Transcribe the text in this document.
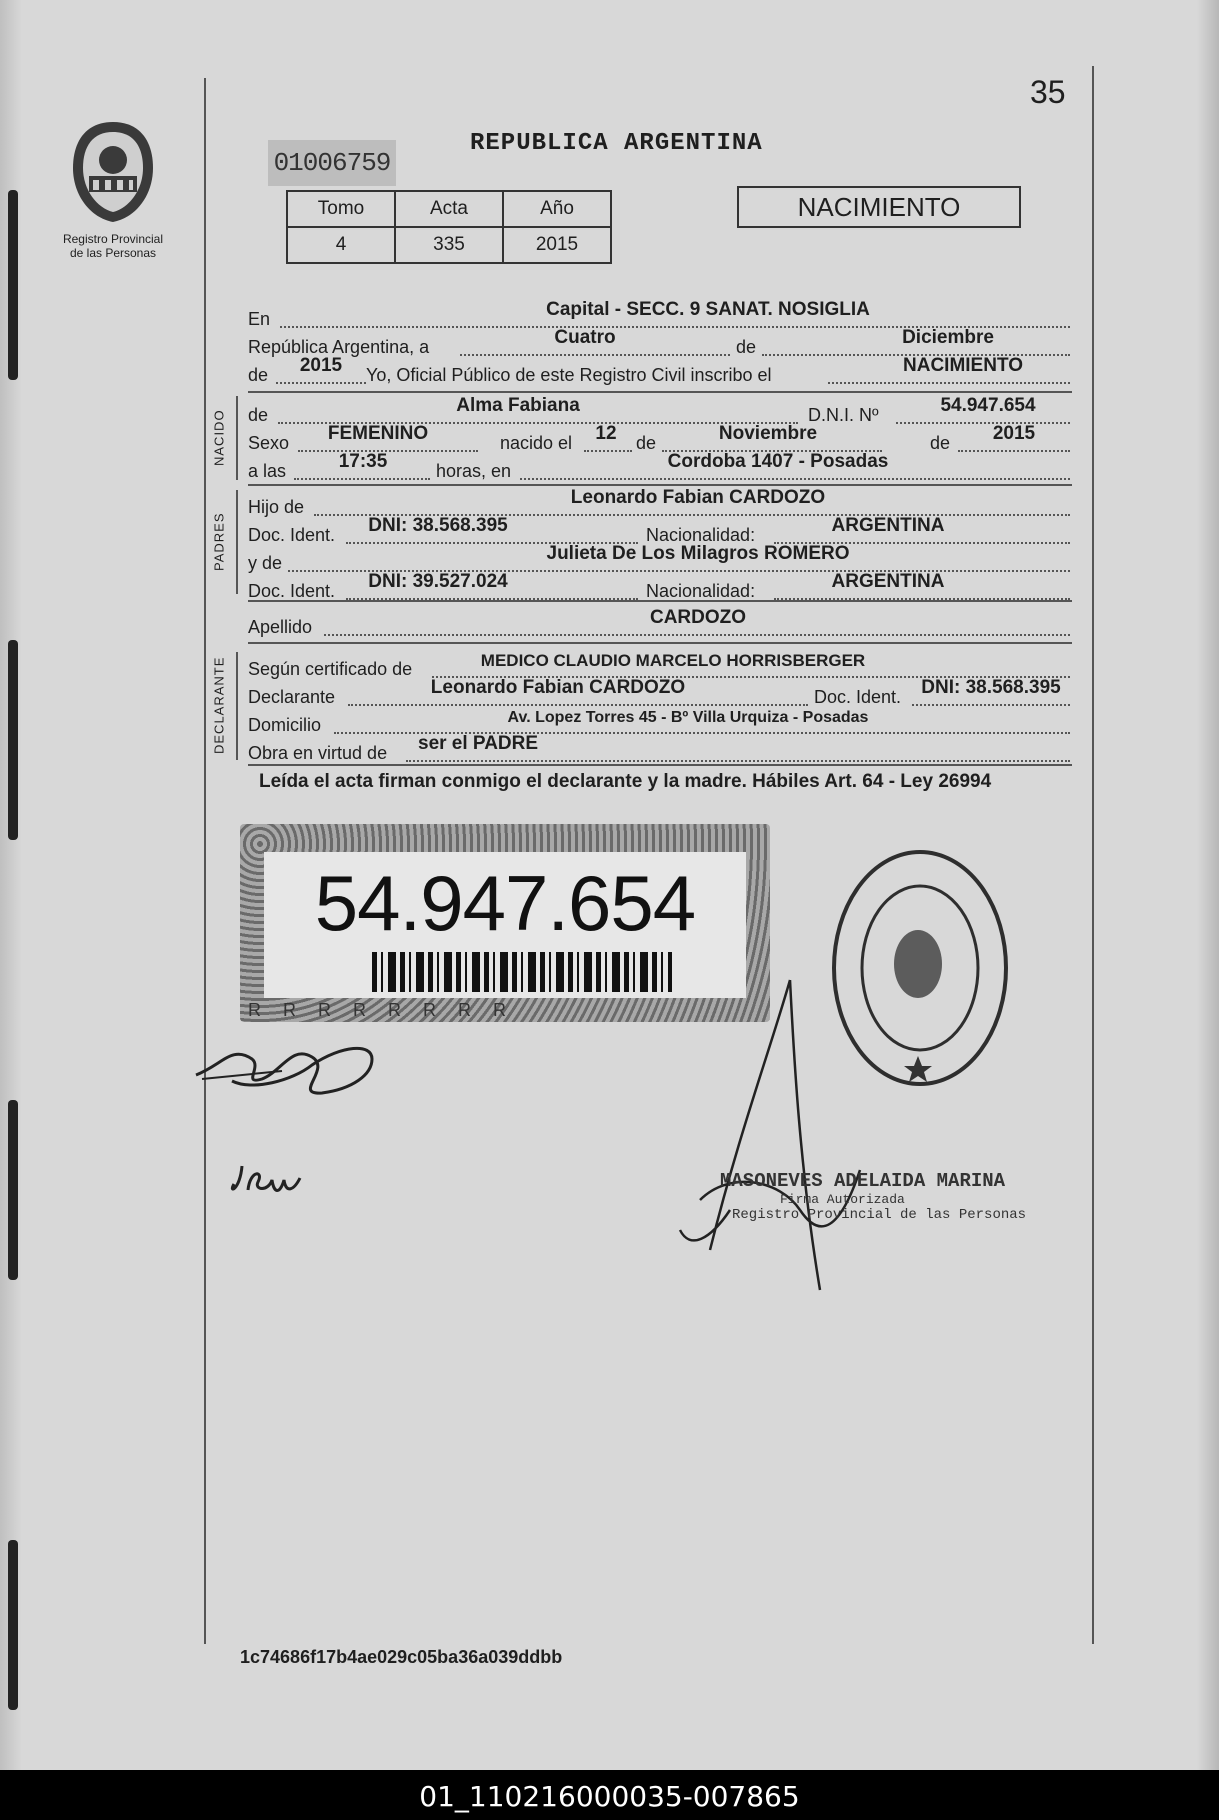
35
Registro Provincial
de las Personas
01006759
REPUBLICA ARGENTINA
Tomo	Acta	Año
4	335	2015
NACIMIENTO
En	Capital - SECC. 9 SANAT. NOSIGLIA
República Argentina, a	Cuatro	de	Diciembre
de	2015	Yo, Oficial Público de este Registro Civil inscribo el	NACIMIENTO
NACIDO	de	Alma Fabiana	D.N.I. Nº	54.947.654
Sexo	FEMENINO	nacido el	12	de	Noviembre	de	2015
a las	17:35	horas, en	Cordoba 1407 - Posadas
PADRES
Hijo de	Leonardo Fabian CARDOZO
Doc. Ident.	DNI: 38.568.395	Nacionalidad:	ARGENTINA
y de	Julieta De Los Milagros ROMERO
Doc. Ident.	DNI: 39.527.024	Nacionalidad:	ARGENTINA
Apellido	CARDOZO
DECLARANTE	Según certificado de	MEDICO CLAUDIO MARCELO HORRISBERGER
Declarante	Leonardo Fabian CARDOZO	Doc. Ident.	DNI: 38.568.395
Domicilio	Av. Lopez Torres 45 - Bº Villa Urquiza - Posadas
Obra en virtud de ser el PADRE
Leída el acta firman conmigo el declarante y la madre. Hábiles Art. 64 - Ley 26994
54.947.654
RRRRRRRR
MASONEVES ADELAIDA MARINA
Firma Autorizada
Registro Provincial de las Personas
1c74686f17b4ae029c05ba36a039ddbb
01_110216000035-007865
